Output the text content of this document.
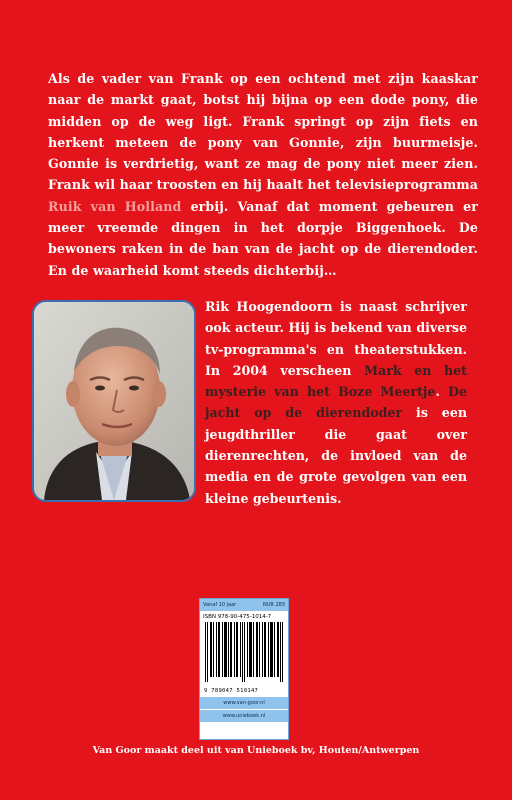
Als de vader van Frank op een ochtend met zijn kaaskar naar de markt gaat, botst hij bijna op een dode pony, die midden op de weg ligt. Frank springt op zijn fiets en herkent meteen de pony van Gonnie, zijn buurmeisje. Gonnie is verdrietig, want ze mag de pony niet meer zien. Frank wil haar troosten en hij haalt het televisieprogramma Ruik van Holland erbij. Vanaf dat moment gebeuren er meer vreemde dingen in het dorpje Biggenhoek. De bewoners raken in de ban van de jacht op de dierendoder. En de waarheid komt steeds dichterbij…

Rik Hoogendoorn is naast schrijver ook acteur. Hij is bekend van diverse tv-programma's en theaterstukken. In 2004 verscheen Mark en het mysterie van het Boze Meertje. De jacht op de dierendoder is een jeugdthriller die gaat over dierenrechten, de invloed van de media en de grote gevolgen van een kleine gebeurtenis.

Vanaf 10 jaar	NUR 283
ISBN 978-90-475-1014-7
9 789047 510147
www.van-goor.nl
www.unieboek.nl
Van Goor maakt deel uit van Unieboek bv, Houten/Antwerpen
